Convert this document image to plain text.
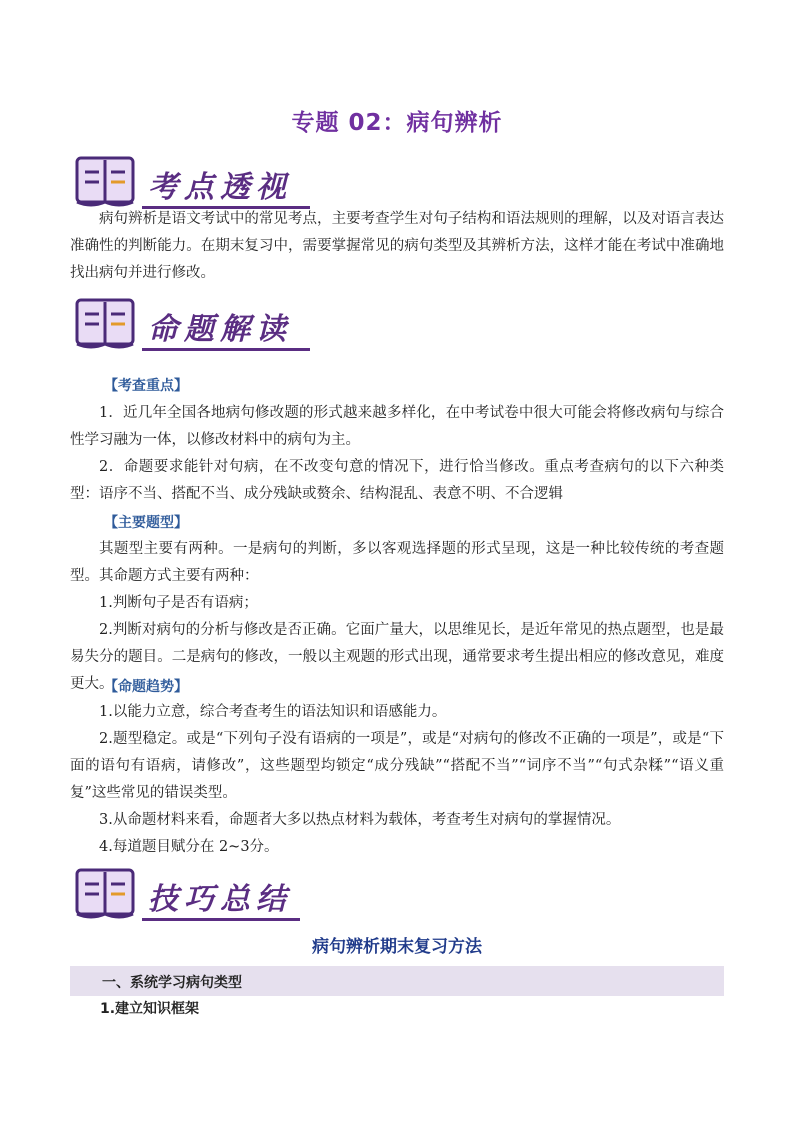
专题 02：病句辨析
考点透视

病句辨析是语文考试中的常见考点，主要考查学生对句子结构和语法规则的理解，以及对语言表达准确性的判断能力。在期末复习中，需要掌握常见的病句类型及其辨析方法，这样才能在考试中准确地找出病句并进行修改。

命题解读
【考查重点】

1．近几年全国各地病句修改题的形式越来越多样化，在中考试卷中很大可能会将修改病句与综合性学习融为一体，以修改材料中的病句为主。

2．命题要求能针对句病，在不改变句意的情况下，进行恰当修改。重点考查病句的以下六种类型：语序不当、搭配不当、成分残缺或赘余、结构混乱、表意不明、不合逻辑

【主要题型】

其题型主要有两种。一是病句的判断，多以客观选择题的形式呈现，这是一种比较传统的考查题型。其命题方式主要有两种：

1.判断句子是否有语病；

2.判断对病句的分析与修改是否正确。它面广量大，以思维见长，是近年常见的热点题型，也是最易失分的题目。二是病句的修改，一般以主观题的形式出现，通常要求考生提出相应的修改意见，难度更大。

【命题趋势】

1.以能力立意，综合考查考生的语法知识和语感能力。

2.题型稳定。或是“下列句子没有语病的一项是”，或是“对病句的修改不正确的一项是”，或是“下面的语句有语病，请修改”，这些题型均锁定“成分残缺”“搭配不当”“词序不当”“句式杂糅”“语义重复”这些常见的错误类型。

3.从命题材料来看，命题者大多以热点材料为载体，考查考生对病句的掌握情况。

4.每道题目赋分在 2~3分。

技巧总结
病句辨析期末复习方法
一、系统学习病句类型
1.建立知识框架
